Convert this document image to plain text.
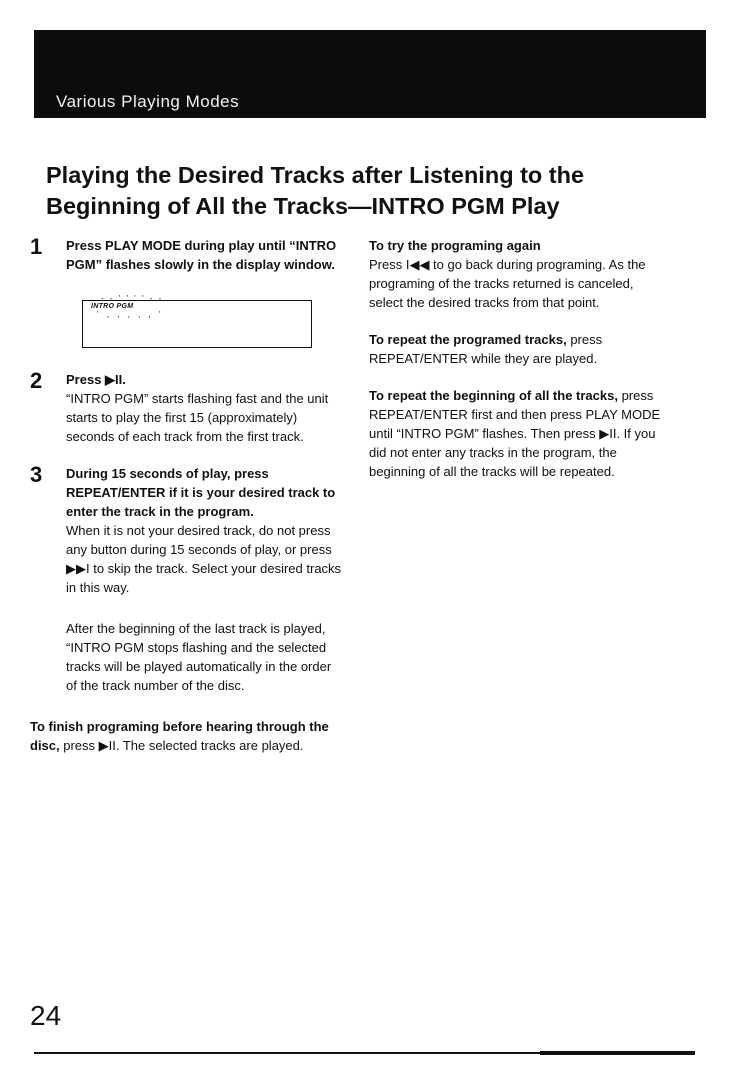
Various Playing Modes
Playing the Desired Tracks after Listening to the
Beginning of All the Tracks—INTRO PGM Play
1 Press PLAY MODE during play until “INTRO PGM” flashes slowly in the display window.
- - ' ' ' ' - -
INTRO PGM
' , , , , , '
2 Press ▶II.

“INTRO PGM” starts flashing fast and the unit starts to play the first 15 (approximately) seconds of each track from the first track.

3 During 15 seconds of play, press REPEAT/ENTER if it is your desired track to enter the track in the program.

When it is not your desired track, do not press any button during 15 seconds of play, or press ▶▶I to skip the track. Select your desired tracks in this way.

After the beginning of the last track is played, “INTRO PGM stops flashing and the selected tracks will be played automatically in the order of the track number of the disc.

To finish programing before hearing through the disc, press ▶II. The selected tracks are played.

To try the programing again

Press I◀◀ to go back during programing. As the programing of the tracks returned is canceled, select the desired tracks from that point.

To repeat the programed tracks, press REPEAT/ENTER while they are played.

To repeat the beginning of all the tracks, press REPEAT/ENTER first and then press PLAY MODE until “INTRO PGM” flashes. Then press ▶II. If you did not enter any tracks in the program, the beginning of all the tracks will be repeated.

24
